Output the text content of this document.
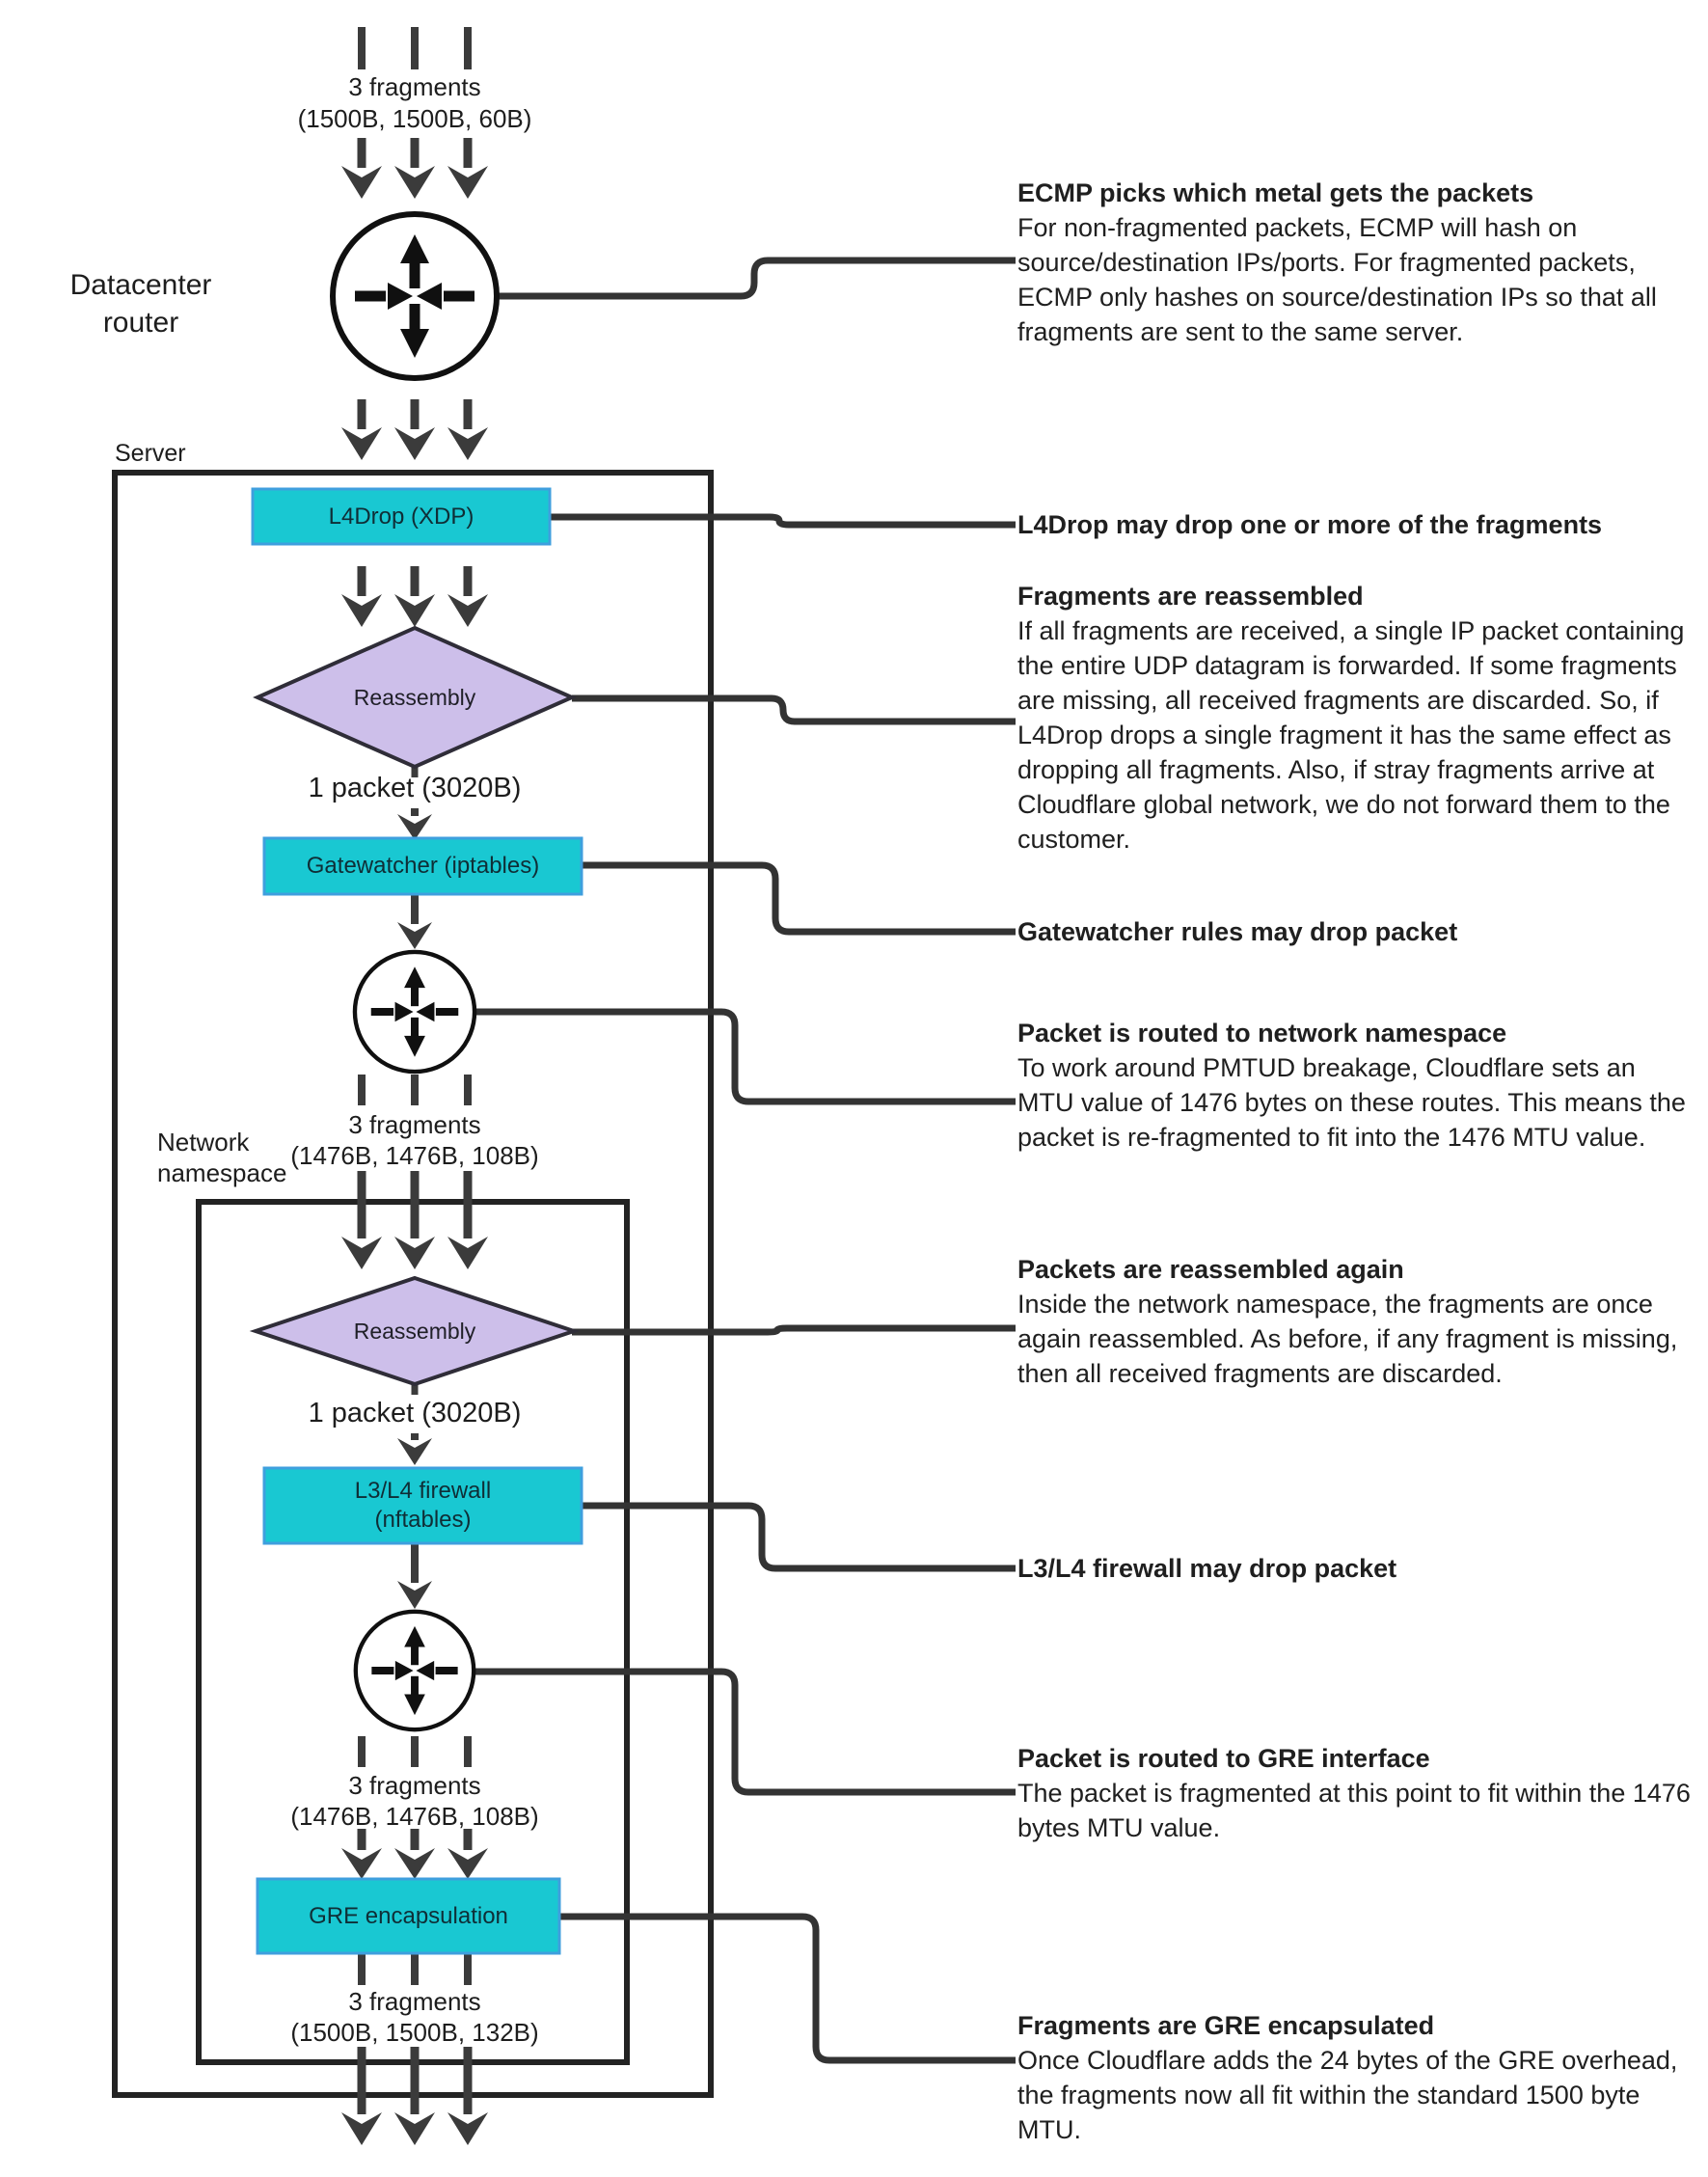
3 fragments
(1500B, 1500B, 60B)
Datacenter
router
Server
L4Drop (XDP)
Reassembly
1 packet (3020B)
Gatewatcher (iptables)
3 fragments
(1476B, 1476B, 108B)
Network
namespace
Reassembly
1 packet (3020B)
L3/L4 firewall
(nftables)
3 fragments
(1476B, 1476B, 108B)
GRE encapsulation
3 fragments
(1500B, 1500B, 132B)
ECMP picks which metal gets the packets

For non-fragmented packets, ECMP will hash on source/destination IPs/ports. For fragmented packets, ECMP only hashes on source/destination IPs so that all fragments are sent to the same server.

L4Drop may drop one or more of the fragments
Fragments are reassembled

If all fragments are received, a single IP packet containing the entire UDP datagram is forwarded. If some fragments are missing, all received fragments are discarded. So, if L4Drop drops a single fragment it has the same effect as dropping all fragments. Also, if stray fragments arrive at Cloudflare global network, we do not forward them to the customer.

Gatewatcher rules may drop packet
Packet is routed to network namespace

To work around PMTUD breakage, Cloudflare sets an MTU value of 1476 bytes on these routes. This means the packet is re-fragmented to fit into the 1476 MTU value.

Packets are reassembled again

Inside the network namespace, the fragments are once again reassembled. As before, if any fragment is missing, then all received fragments are discarded.

L3/L4 firewall may drop packet
Packet is routed to GRE interface

The packet is fragmented at this point to fit within the 1476 bytes MTU value.

Fragments are GRE encapsulated

Once Cloudflare adds the 24 bytes of the GRE overhead, the fragments now all fit within the standard 1500 byte MTU.
